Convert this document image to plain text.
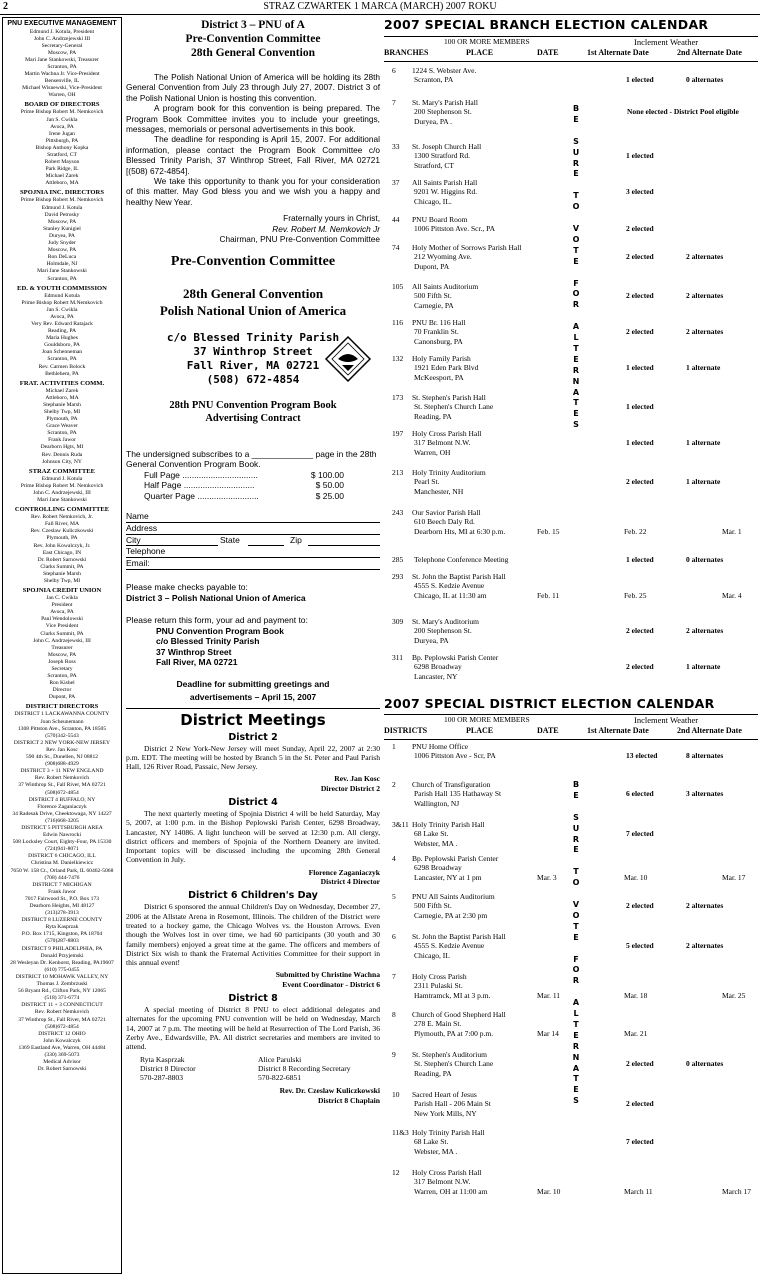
2	STRAZ CZWARTEK 1 MARCA (MARCH) 2007 ROKU
PNU EXECUTIVE MANAGEMENT
Edmund J. Kotula, President
John C. Andrzejewski III
Secretary-General
Moscow, PA
Mari Jane Stankowski, Treasurer
Scranton, PA
Martin Wachna Jr. Vice-President
Bensenville, IL
Michael Wisnewski, Vice-President
Warren, OH
BOARD OF DIRECTORS
Prime Bishop Robert M. Nemkovich
Jan S. Cwikla
Avoca, PA
Irene Jugan
Pittsburgh, PA
Bishop Anthony Kopka
Stratford, CT
Robert Mayson
Park Ridge, IL
Michael Zarek
Attleboro, MA
SPOJNIA INC. DIRECTORS
Prime Bishop Robert M. Nemkovich
Edmund J. Kotula
David Petrosky
Moscow, PA
Stanley Kunigiel
Duryea, PA
Judy Snyder
Moscow, PA
Ron DeLuca
Holmdale, NJ
Mari Jane Stankowski
Scranton, PA
ED. & YOUTH COMMISSION
Edmund Kotula
Prime Bishop Robert M.Nemkovich
Jan S. Cwikla
Avoca, PA
Very Rev. Edward Ratajack
Reading, PA
Maria Hughes
Gouldsboro, PA
Joan Schenneman
Scranton, PA
Rev. Carmen Bolock
Bethlehem, PA
FRAT. ACTIVITIES COMM.
Michael Zarek
Attleboro, MA
Stephanie Marsh
Shelby Twp, MI
Plymouth, PA
Grace Weaver
Scranton, PA
Frank Jawor
Dearborn Hgts, MI
Rev. Dennis Ruda
Johnson City, NY
STRAZ COMMITTEE
Edmund J. Kotula
Prime Bishop Robert M. Nemkovich
John C. Andrzejewski, III
Mari Jane Stankowski
CONTROLLING COMMITTEE
Rev. Robert Nemkovich, Jr.
Fall River, MA
Rev. Czeslaw Kuliczkowski
Plymouth, PA
Rev. John Kowalczyk, Jr.
East Chicago, IN
Dr. Robert Sarnowski
Clarks Summit, PA
Stephanie Marsh
Shelby Twp, MI
SPOJNIA CREDIT UNION
Jan C. Cwikla
President
Avoca, PA
Paul Wendolowski
Vice President
Clarks Summit, PA
John C. Andrzejewski, III
Treasurer
Moscow, PA
Joseph Ross
Secretary
Scranton, PA
Ron Kishel
Director
Dupont, PA
DISTRICT DIRECTORS
DISTRICT 1 LACKAWANNA COUNTY
Joan Scheunemann
1308 Pittston Ave., Scranton, PA 18505
(570)342-5543
DISTRICT 2 NEW YORK-NEW JERSEY
Rev. Jan Kosc
590 4th St., Dunellen, NJ 08812
(908)688-4929
DISTRICT 3 + 11 NEW ENGLAND
Rev. Robert Nemkovich
37 Winthrop St., Fall River, MA 02721
(508)672-4854
DISTRICT 4 BUFFALO, NY
Florence Zaganiaczyk
34 Radesak Drive, Cheektowaga, NY 14227
(716)668-3205
DISTRICT 5 PITTSBURGH AREA
Edwin Nawrocki
508 Locksley Court, Eighty-Four, PA 15330
(724)941-8071
DISTRICT 6 CHICAGO, ILL
Christina M. Danielkiewicz
7650 W. 158 Ct., Orland Park, IL 60462-5068
(708) 444-7476
DISTRICT 7 MICHIGAN
Frank Jawor
7017 Fairwood St., P.O. Box 173
Dearborn Heights, MI 48127
(313)278-3913
DISTRICT 8 LUZERNE COUNTY
Ryta Kasprzak
P.O. Box 1715, Kingston, PA 18704
(570)287-8803
DISTRICT 9 PHILADELPHIA, PA
Donald Przyjemski
28 Wesleyan Dr. Kenhorst, Reading, PA19607
(610) 775-0455
DISTRICT 10 MOHAWK VALLEY, NY
Thomas J. Zembrzuski
56 Bryant Rd., Clifton Park, NY 12065
(518) 371-6774
DISTRICT 11 + 3 CONNECTICUT
Rev. Robert Nemkovich
37 Winthrop St., Fall River, MA 02721
(508)672-4854
DISTRICT 12 OHIO
John Kowalczyk
1369 Eastland Ave, Warren, OH 44484
(330) 369-5073
Medical Advisor
Dr. Robert Sarnowski
District 3 – PNU of A
Pre-Convention Committee
28th General Convention
The Polish National Union of America will be holding its 28th General Convention from July 23 through July 27, 2007. District 3 of the Polish National Union is hosting this convention.
A program book for this convention is being prepared. The Program Book Committee invites you to include your greetings, messages, memorials or personal advertisements in this book.
The deadline for responding is April 15, 2007. For additional information, please contact the Program Book Committee c/o Blessed Trinity Parish, 37 Winthrop Street, Fall River, MA 02721 [(508) 672-4854].
We take this opportunity to thank you for your consideration of this matter. May God bless you and we wish you a happy and healthy New Year.
Fraternally yours in Christ,
Rev. Robert M. Nemkovich Jr
Chairman, PNU Pre-Convention Committee
Pre-Convention Committee
28th General Convention
Polish National Union of America
c/o Blessed Trinity Parish
37 Winthrop Street
Fall River, MA 02721
(508) 672-4854
28th PNU Convention Program Book
Advertising Contract
The undersigned subscribes to a _____________ page in the 28th General Convention Program Book.
Full Page ................................	$ 100.00
Half Page ..............................	$ 50.00
Quarter Page ..........................	$ 25.00
Name
Address
City	State	Zip
Telephone
Email:
Please make checks payable to:
District 3 – Polish National Union of America
Please return this form, your ad and payment to:
PNU Convention Program Book
c/o Blessed Trinity Parish
37 Winthrop Street
Fall River, MA 02721
Deadline for submitting greetings and
advertisements – April 15, 2007
District Meetings
District 2
District 2 New York-New Jersey will meet Sunday, April 22, 2007 at 2:30 p.m. EDT. The meeting will be hosted by Branch 5 in the St. Peter and Paul Parish Hall, 126 River Road, Passaic, New Jersey.
Rev. Jan Kosc
Director District 2
District 4
The next quarterly meeting of Spojnia District 4 will be held Saturday, May 5, 2007, at 1:00 p.m. in the Bishop Peplowski Parish Center, 6298 Broadway, Lancaster, NY 14086. A light luncheon will be served at 12:30 p.m. All clergy, district officers and members of Spojnia of the Northern Deanery are invited. Important topics will be discussed including the upcoming 28th General Convention in July.
Florence Zaganiaczyk
District 4 Director
District 6 Children's Day
District 6 sponsored the annual Children's Day on Wednesday, December 27, 2006 at the Allstate Arena in Rosemont, Illinois. The children of the District were treated to a hockey game, the Chicago Wolves vs. the Houston Arrows. Even though the Wolves lost in over time, we had 60 participants (30 youth and 30 family members) enjoyed a great time at the game. The officers and members of District Six wish to thank the Fraternal Activities Committee for their support in this annual event!
Submitted by Christine Wachna
Event Coordinator - District 6
District 8
A special meeting of District 8 PNU to elect additional delegates and alternates for the upcoming PNU convention will be held on Wednesday, March 14, 2007 at 7 p.m. The meeting will be held at Resurrection of The Lord Parish, 36 Zerby Ave., Edwardsville, PA. All district secretaries and members are invited to attend.
Ryta Kasprzak
District 8 Director
570-287-8803
Alice Parulski
District 8 Recording Secretary
570-822-6851
Rev. Dr. Czeslaw Kuliczkowski
District 8 Chaplain
2007 SPECIAL BRANCH ELECTION CALENDAR
100 OR MORE MEMBERS	Inclement Weather
BRANCHES	PLACE	DATE	1st Alternate Date	2nd Alternate Date
6 1224 S. Webster Ave.
Scranton, PA	1 elected	0 alternates
7 St. Mary's Parish Hall
200 Stephenson St.
Duryea, PA .
None elected - District Pool eligible
33 St. Joseph Church Hall
1300 Stratford Rd.
Stratford, CT
1 elected
37 All Saints Parish Hall
9201 W. Higgins Rd.
Chicago, IL.
3 elected
44 PNU Board Room
1006 Pittston Ave. Scr., PA	2 elected
74 Holy Mother of Sorrows Parish Hall
212 Wyoming Ave.
Dupont, PA
2 elected	2 alternates
105 All Saints Auditorium
500 Fifth St.
Carnegie, PA
2 elected	2 alternates
116 PNU Br. 116 Hall
70 Franklin St.
Canonsburg, PA
2 elected	2 alternates
132 Holy Family Parish
1921 Eden Park Blvd
McKeesport, PA
1 elected	1 alternate
173 St. Stephen's Parish Hall
St. Stephen's Church Lane
Reading, PA
1 elected
197 Holy Cross Parish Hall
317 Belmont N.W.
Warren, OH
1 elected	1 alternate
213 Holy Trinity Auditorium
Pearl St.
Manchester, NH
2 elected	1 alternate
243 Our Savior Parish Hall
610 Beech Daly Rd.
Dearborn Hts, MI at 6:30 p.m.	Feb. 15	Feb. 22	Mar. 1
285 Telephone Conference Meeting	1 elected	0 alternates
293 St. John the Baptist Parish Hall
4555 S. Kedzie Avenue
Chicago, IL at 11:30 am	Feb. 11	Feb. 25	Mar. 4
309 St. Mary's Auditorium
200 Stephenson St.
Duryea, PA
2 elected	2 alternates
311 Bp. Peplowski Parish Center
6298 Broadway
Lancaster, NY
2 elected	1 alternate
B
E

S
U
R
E

T
O

V
O
T
E

F
O
R

A
L
T
E
R
N
A
T
E
S
2007 SPECIAL DISTRICT ELECTION CALENDAR
100 OR MORE MEMBERS	Inclement Weather
DISTRICTS	PLACE	DATE	1st Alternate Date	2nd Alternate Date
1 PNU Home Office
1006 Pittston Ave - Scr, PA	13 elected	8 alternates
2 Church of Transfiguration
Parish Hall 135 Hathaway St
Wallington, NJ
6 elected	3 alternates
3&11 Holy Trinity Parish Hall
68 Lake St.
Webster, MA .
7 elected
4 Bp. Peplowski Parish Center
6298 Broadway
Lancaster, NY at 1 pm	Mar. 3	Mar. 10	Mar. 17
5 PNU All Saints Auditorium
500 Fifth St.
Carnegie, PA at 2:30 pm
2 elected	2 alternates
6 St. John the Baptist Parish Hall
4555 S. Kedzie Avenue
Chicago, IL
5 elected	2 alternates
7 Holy Cross Parish
2311 Pulaski St.
Hamtramck, MI at 3 p.m.	Mar. 11	Mar. 18	Mar. 25
8 Church of Good Shepherd Hall
278 E. Main St.
Plymouth, PA at 7:00 p.m.	Mar 14	Mar. 21
9 St. Stephen's Auditorium
St. Stephen's Church Lane
Reading, PA
2 elected	0 alternates
10 Sacred Heart of Jesus
Parish Hall - 206 Main St
New York Mills, NY
2 elected
11&3 Holy Trinity Parish Hall
68 Lake St.
Webster, MA .
7 elected
12 Holy Cross Parish Hall
317 Belmont N.W.
Warren, OH at 11:00 am	Mar. 10	March 11	March 17
B
E

S
U
R
E

T
O

V
O
T
E

F
O
R

A
L
T
E
R
N
A
T
E
S
